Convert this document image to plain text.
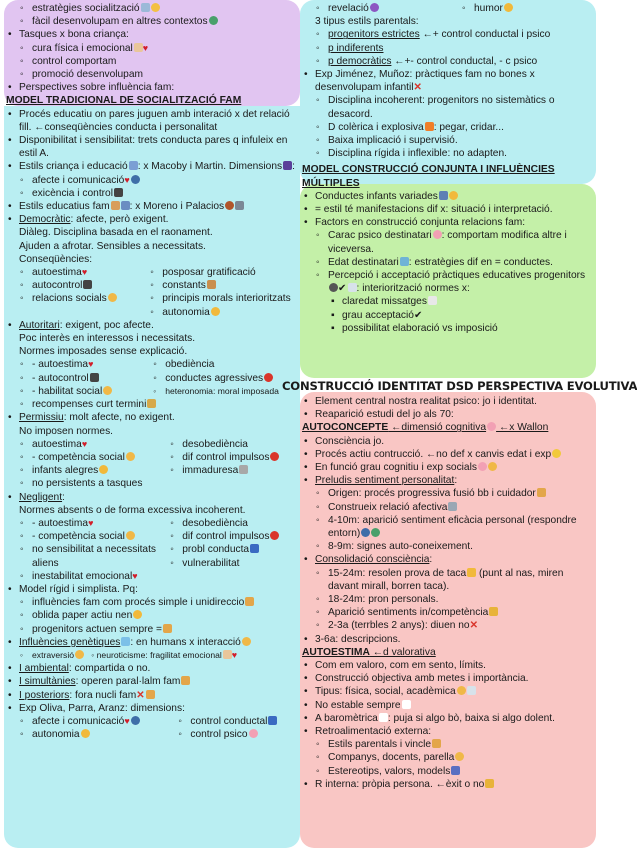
◦ estratègies socialització
◦ fàcil desenvolupam en altres contextos
• Tasques x bona criança:
◦ cura física i emocional ♥
◦ control comportam
◦ promoció desenvolupam
• Perspectives sobre influència fam:
MODEL TRADICIONAL DE SOCIALITZACIÓ FAM
• Procés educatiu on pares juguen amb interació x det relació fill. ←conseqüències conducta i personalitat
• Disponibilitat i sensibilitat: trets conducta pares q infuleix en estil A.
• Estils criança i educació : x Macoby i Martin. Dimensions :
◦ afecte i comunicació♥
◦ exicència i control
• Estils educatius fam : x Moreno i Palacios
• Democràtic: afecte, però exigent.
Diàleg. Disciplina basada en el raonament.
Ajuden a afrotar. Sensibles a necessitats.
Conseqüències:
◦ autoestima♥
◦ autocontrol
◦ relacions socials
◦ posposar gratificació
◦ constants
◦ principis morals interioritzats
◦ autonomia
• Autoritari: exigent, poc afecte.
Poc interès en interessos i necessitats.
Normes imposades sense explicació.
◦ - autoestima♥
◦ - autocontrol
◦ - habilitat social
◦ obediència
◦ conductes agressives
◦ heteronomia: moral imposada
◦ recompenses curt termini
• Permissiu: molt afecte, no exigent.
No imposen normes.
◦ autoestima♥
◦ - competència social
◦ infants alegres
◦ desobediència
◦ dif control impulsos
◦ immaduresa
◦ no persistents a tasques
• Negligent:
Normes absents o de forma excessiva incoherent.
◦ - autoestima♥
◦ - competència social
◦ no sensibilitat a necessitats aliens
◦ desobediència
◦ dif control impulsos
◦ probl conducta
◦ vulnerabilitat
◦ inestabilitat emocional♥
• Model rígid i simplista. Pq:
◦ influències fam com procés simple i unidireccio
◦ oblida paper actiu nen
◦ progenitors actuen sempre =
• Influències genètiques : en humans x interacció
◦ extraversió   ◦ neuroticisme: fragilitat emocional ♥
• I ambiental: compartida o no.
• I simultànies: operen paral·lalm fam
• I posteriors: fora nucli fam✕
• Exp Oliva, Parra, Aranz: dimensions:
◦ afecte i comunicació♥
◦ autonomia
◦ control conductal
◦ control psico
◦ revelació
◦	humor
3 tipus estils parentals:
◦ progenitors estrictes ←+ control conductal i psico
◦ p indiferents
◦ p democràtics ←+- control conductal, - c psico
• Exp Jiménez, Muñoz: pràctiques fam no bones x desenvolupam infantil✕
◦ Disciplina incoherent: progenitors no sistemàtics o desacord.
◦ D colèrica i explosiva : pegar, cridar...
◦ Baixa implicació i supervisió.
◦ Disciplina rígida i inflexible: no adapten.
MODEL CONSTRUCCIÓ CONJUNTA I INFLUÈNCIES MÚLTIPLES
• Conductes infants variades
• = estil té manifestacions dif x: situació i interpretació.
• Factors en construcció conjunta relacions fam:
◦ Carac psico destinatari : comportam modifica altre i viceversa.
◦ Edat destinatari : estratègies dif en = conductes.
◦ Percepció i acceptació pràctiques educatives progenitors✔ : interiorització normes x:
▪ claredat missatges
▪ grau acceptació✔
▪ possibilitat elaboració vs imposició
CONSTRUCCIÓ IDENTITAT DSD PERSPECTIVA EVOLUTIVA
• Element central nostra realitat psico: jo i identitat.
• Reaparició estudi del jo als 70:
AUTOCONCEPTE ←dimensió cognitiva ←x Wallon
• Consciència jo.
• Procés actiu contrucció. ←no def x canvis edat i exp
• En funció grau cognitiu i exp socials
• Preludis sentiment personalitat:
◦ Origen: procés progressiva fusió bb i cuidador
◦ Construeix relació afectiva
◦ 4-10m: aparició sentiment eficàcia personal (respondre entorn)
◦ 8-9m: signes auto-coneixement.
• Consolidació consciència:
◦ 15-24m: resolen prova de taca (punt al nas, miren davant mirall, borren taca).
◦ 18-24m: pron personals.
◦ Aparició sentiments in/competència
◦ 2-3a (terrbles 2 anys): diuen no✕
• 3-6a: descripcions.
AUTOESTIMA ←d valorativa
• Com em valoro, com em sento, límits.
• Construcció objectiva amb metes i importància.
• Tipus: física, social, acadèmica
• No estable sempre
• A baromètrica : puja si algo bò, baixa si algo dolent.
• Retroalimentació externa:
◦ Estils parentals i vincle
◦ Companys, docents, parella
◦ Estereotips, valors, models
• R interna: pròpia persona. ←èxit o no
